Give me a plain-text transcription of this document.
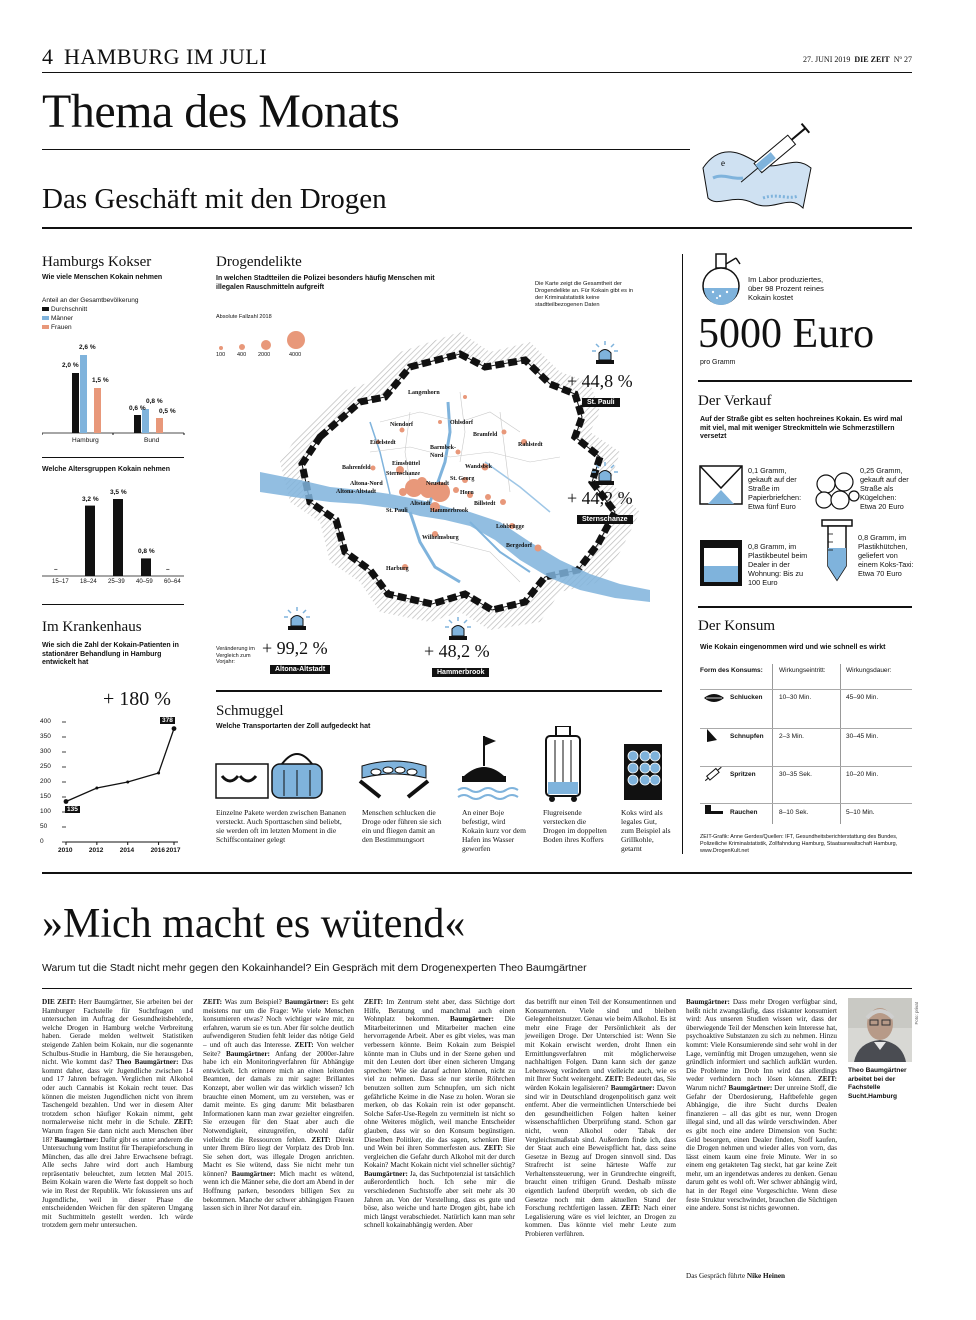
4 HAMBURG IM JULI	27. JUNI 2019 DIE ZEIT Nº 27
Thema des Monats
e
Das Geschäft mit den Drogen
Hamburgs Kokser
Wie viele Menschen Kokain nehmen
Anteil an der Gesamtbevölkerung
Durchschnitt
Männer
Frauen
2,0 %
2,6 %
1,5 %
0,6 %
0,8 %
0,5 %
Hamburg	Bund
Welche Altersgruppen Kokain nehmen
–
15–17
3,2 %
18–24
3,5 %
25–39
0,8 %
40–59
–
60–64
Im Krankenhaus
Wie sich die Zahl der Kokain-Patienten in stationärer Behandlung in Hamburg entwickelt hat
+ 180 %
400
350
300
250
200
150
100
50
0
2010	2012	2014	2016 2017
135
378
Drogendelikte
In welchen Stadtteilen die Polizei besonders häufig Menschen mit illegalen Rauschmitteln aufgreift
Absolute Fallzahl 2018
100 400 2000	4000
Die Karte zeigt die Gesamtheit der Drogendelikte an. Für Kokain gibt es in der Kriminalstatistik keine stadtteilbezogenen Daten
Langenhorn
Niendorf	Ohlsdorf
Bramfeld
Rahlstedt
Barmbek-Nord
Eidelstedt
Eimsbüttel
Sternschanze
Bahrenfeld	Wandsbek
Altona-Nord	Neustadt
St. Georg
Altona-Altstadt	Horn
St. Pauli
Altstadt	Billstedt
Hammerbrook
Lohbrügge
Wilhelmsburg
Bergedorf
Harburg
+ 44,8 %
St. Pauli
+ 44,2 %
Sternschanze
Veränderung im Vergleich zum Vorjahr:
+ 99,2 %
Altona-Altstadt
+ 48,2 %
Hammerbrook
Schmuggel
Welche Transportarten der Zoll aufgedeckt hat
Einzelne Pakete werden zwischen Bananen versteckt. Auch Sporttaschen sind beliebt, sie werden oft im letzten Moment in die Schiffscontainer gelegt
Menschen schlucken die Droge oder führen sie sich ein und fliegen damit an den Bestimmungsort
An einer Boje befestigt, wird Kokain kurz vor dem Hafen ins Wasser geworfen
Flugreisende verstecken die Drogen im doppelten Boden ihres Koffers
Koks wird als legales Gut, zum Beispiel als Grillkohle, getarnt
Im Labor produziertes, über 98 Prozent reines Kokain kostet
5000 Euro
pro Gramm
Der Verkauf
Auf der Straße gibt es selten hochreines Kokain. Es wird mal mit viel, mal mit weniger Streckmitteln wie Schmerzstillern versetzt
0,1 Gramm, gekauft auf der Straße im Papierbriefchen: Etwa fünf Euro
0,25 Gramm, gekauft auf der Straße als Kügelchen: Etwa 20 Euro
0,8 Gramm, im Plastikbeutel beim Dealer in der Wohnung: Bis zu 100 Euro
0,8 Gramm, im Plastikhütchen, geliefert von einem Koks-Taxi: Etwa 70 Euro
Der Konsum
Wie Kokain eingenommen wird und wie schnell es wirkt
Form des Konsums: Wirkungseintritt:	Wirkungsdauer:
Schlucken	10–30 Min.	45–90 Min.
Schnupfen 2–3 Min.	30–45 Min.
Spritzen	30–35 Sek.	10–20 Min.
Rauchen	8–10 Sek.	5–10 Min.
ZEIT-Grafik: Anne Gerdes/Quellen: IFT, Gesundheitsberichterstattung des Bundes, Polizeiliche Kriminalstatistik, Zollfahndung Hamburg, Staatsanwaltschaft Hamburg, www.DrogenKult.net
»Mich macht es wütend«
Warum tut die Stadt nicht mehr gegen den Kokainhandel? Ein Gespräch mit dem Drogenexperten Theo Baumgärtner
DIE ZEIT: Herr Baumgärtner, Sie arbeiten bei der Hamburger Fachstelle für Suchtfragen und untersuchen im Auftrag der Gesundheitsbehörde, welche Drogen in Hamburg welche Verbreitung haben. Gerade melden weltweit Statistiken steigende Zahlen beim Kokain, nur die sogenannte Schulbus-Studie in Hamburg, die Sie herausgeben, nicht. Wie kommt das? Theo Baumgärtner: Das kommt daher, dass wir Jugendliche zwischen 14 und 17 Jahren befragen. Verglichen mit Alkohol oder auch Cannabis ist Kokain recht teuer. Das können die meisten Jugendlichen nicht von ihrem Taschengeld bezahlen. Und wer in diesem Alter trotzdem schon häufiger Kokain nimmt, geht normalerweise nicht mehr in die Schule. ZEIT: Warum fragen Sie dann nicht auch Menschen über 18? Baumgärtner: Dafür gibt es unter anderem die Untersuchung vom Institut für Therapieforschung in München, das alle drei Jahre Erwachsene befragt. Alle sechs Jahre wird dort auch Hamburg repräsentativ beleuchtet, zum letzten Mal 2015. Beim Kokain waren die Werte fast doppelt so hoch wie im Rest der Republik. Wir fokussieren uns auf Jugendliche, weil in dieser Phase die entscheidenden Weichen für den späteren Umgang mit Suchtmitteln gestellt werden. Ich würde trotzdem gern mehr untersuchen.
ZEIT: Was zum Beispiel? Baumgärtner: Es geht meistens nur um die Frage: Wie viele Menschen konsumieren etwas? Noch wichtiger wäre mir, zu erfahren, warum sie es tun. Aber für solche deutlich aufwendigeren Studien fehlt leider das nötige Geld – und oft auch das Interesse. ZEIT: Von welcher Seite? Baumgärtner: Anfang der 2000er-Jahre habe ich ein Monitoringverfahren für Abhängige entwickelt. Ich erinnere mich an einen leitenden Beamten, der damals zu mir sagte: Brillantes Konzept, aber wollen wir das wirklich wissen? Ich brauchte einen Moment, um zu verstehen, was er damit meinte. Es ging darum: Mit belastbaren Informationen kann man zwar gezielter eingreifen. Sie erzeugen für den Staat aber auch die Notwendigkeit, einzugreifen, obwohl dafür vielleicht die Ressourcen fehlen. ZEIT: Direkt unter Ihrem Büro liegt der Vorplatz des Drob Inn. Sie sehen dort, was illegale Drogen anrichten. Macht es Sie wütend, dass Sie nicht mehr tun können? Baumgärtner: Mich macht es wütend, wenn ich die Männer sehe, die dort am Abend in der Hoffnung parken, besonders billigen Sex zu bekommen. Manche der schwer abhängigen Frauen lassen sich in ihrer Not darauf ein.
ZEIT: Im Zentrum steht aber, dass Süchtige dort Hilfe, Beratung und manchmal auch einen Wohnplatz bekommen. Baumgärtner: Die Mitarbeiterinnen und Mitarbeiter machen eine hervorragende Arbeit. Aber es gibt vieles, was man verbessern könnte. Beim Kokain zum Beispiel könnte man in Clubs und in der Szene gehen und mit den Leuten dort über einen sicheren Umgang sprechen: Wie sie darauf achten können, nicht zu viel zu nehmen. Dass sie nur sterile Röhrchen benutzen sollten zum Schnupfen, um sich nicht gefährliche Keime in die Nase zu holen. Woran sie merken, ob das Kokain rein ist oder gepanscht. Solche Safer-Use-Regeln zu vermitteln ist nicht so ohne Weiteres möglich, weil manche Entscheider glauben, dass wir so den Konsum begünstigen. Dieselben Politiker, die das sagen, schenken Bier und Wein bei ihren Sommerfesten aus. ZEIT: Sie vergleichen die Gefahr durch Alkohol mit der durch Kokain? Macht Kokain nicht viel schneller süchtig? Baumgärtner: Ja, das Suchtpotenzial ist tatsächlich außerordentlich hoch. Ich sehe mir die verschiedenen Suchtstoffe aber seit mehr als 30 Jahren an. Von der Vorstellung, dass es gute und böse, also weiche und harte Drogen gibt, habe ich mich längst verabschiedet. Natürlich kann man sehr schnell kokainabhängig werden. Aber
das betrifft nur einen Teil der Konsumentinnen und Konsumenten. Viele sind und bleiben Gelegenheitsnutzer. Genau wie beim Alkohol. Es ist mehr eine Frage der Persönlichkeit als der jeweiligen Droge. Der Unterschied ist: Wenn Sie mit Kokain erwischt werden, droht Ihnen ein Ermittlungsverfahren mit möglicherweise nachhaltigen Folgen. Dann kann sich der ganze Lebensweg verändern und vielleicht auch, wie es mit Ihrer Sucht weitergeht. ZEIT: Bedeutet das, Sie würden Kokain legalisieren? Baumgärtner: Davon sind wir in Deutschland drogenpolitisch ganz weit entfernt. Aber die vermeintlichen Unterschiede bei den gesundheitlichen Folgen halten keiner wissenschaftlichen Überprüfung stand. Schon gar nicht, wenn Alkohol oder Tabak der Vergleichsmaßstab sind. Außerdem finde ich, dass der Staat auch eine Beweispflicht hat, dass seine Gesetze in Bezug auf Drogen sinnvoll sind. Das Strafrecht ist seine härteste Waffe zur Verhaltenssteuerung, wer in Grundrechte eingreift, braucht einen triftigen Grund. Deshalb müsste eigentlich laufend überprüft werden, ob sich die Gesetze noch mit dem aktuellen Stand der Forschung rechtfertigen lassen. ZEIT: Nach einer Legalisierung wäre es viel leichter, an Drogen zu kommen. Das könnte viel mehr Leute zum Probieren verführen.
Baumgärtner: Dass mehr Drogen verfügbar sind, heißt nicht zwangsläufig, dass riskanter konsumiert wird: Aus unseren Studien wissen wir, dass der überwiegende Teil der Menschen kein Interesse hat, psychoaktive Substanzen zu sich zu nehmen. Hinzu kommt: Viele Konsumierende sind sehr wohl in der Lage, vernünftig mit Drogen umzugehen, wenn sie gründlich informiert und sachlich aufklärt wurden. Die Probleme im Drob Inn wird das allerdings weder verhindern noch lösen können. ZEIT: Warum nicht? Baumgärtner: Der unreine Stoff, die Gefahr der Überdosierung, Haftbefehle gegen Abhängige, die ihre Sucht durchs Dealen finanzieren – all das gibt es nur, wenn Drogen illegal sind, und all das würde verschwinden. Aber es gibt noch eine andere Dimension von Sucht: Geld besorgen, einen Dealer finden, Stoff kaufen, die Drogen nehmen und wieder alles von vorn, das lässt einem kaum eine freie Minute. Wer in so einem eng getakteten Tag steckt, hat gar keine Zeit mehr, um an irgendetwas anderes zu denken. Genau darum geht es wohl oft. Wer schwer abhängig wird, hat in der Regel eine Vorgeschichte. Wenn diese feste Struktur verschwindet, brauchen die Süchtigen eine andere. Sonst ist nichts gewonnen.
Das Gespräch führte Nike Heinen
Foto: privat
Theo Baumgärtner arbeitet bei der Fachstelle Sucht.Hamburg
